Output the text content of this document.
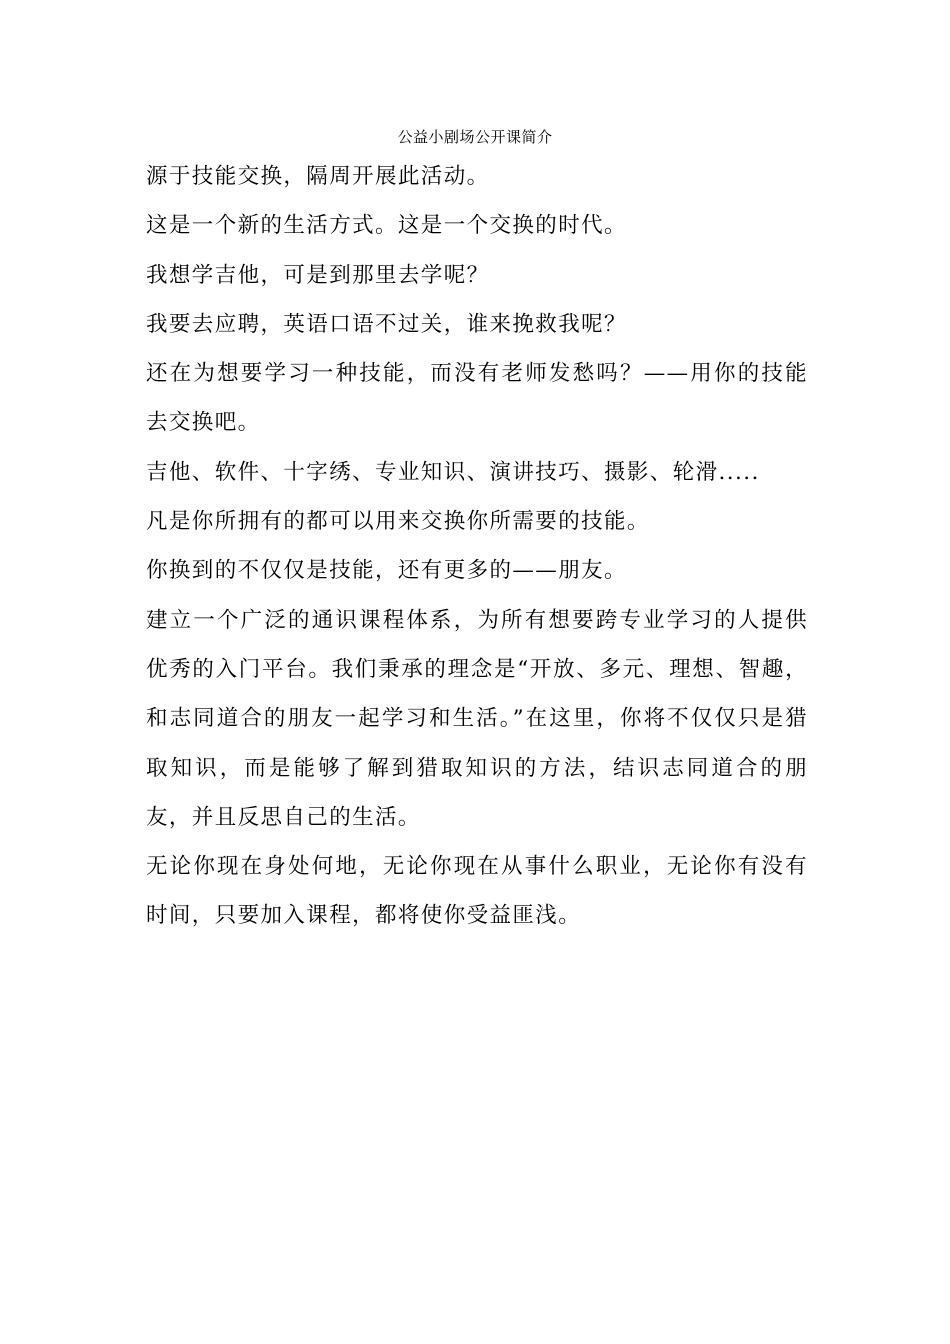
公益小剧场公开课简介

源于技能交换，隔周开展此活动。

这是一个新的生活方式。这是一个交换的时代。

我想学吉他，可是到那里去学呢？

我要去应聘，英语口语不过关，谁来挽救我呢？

还在为想要学习一种技能，而没有老师发愁吗？——用你的技能去交换吧。

吉他、软件、十字绣、专业知识、演讲技巧、摄影、轮滑.....

凡是你所拥有的都可以用来交换你所需要的技能。

你换到的不仅仅是技能，还有更多的——朋友。

建立一个广泛的通识课程体系，为所有想要跨专业学习的人提供优秀的入门平台。我们秉承的理念是“开放、多元、理想、智趣，和志同道合的朋友一起学习和生活。”在这里，你将不仅仅只是猎取知识，而是能够了解到猎取知识的方法，结识志同道合的朋友，并且反思自己的生活。

无论你现在身处何地，无论你现在从事什么职业，无论你有没有时间，只要加入课程，都将使你受益匪浅。
